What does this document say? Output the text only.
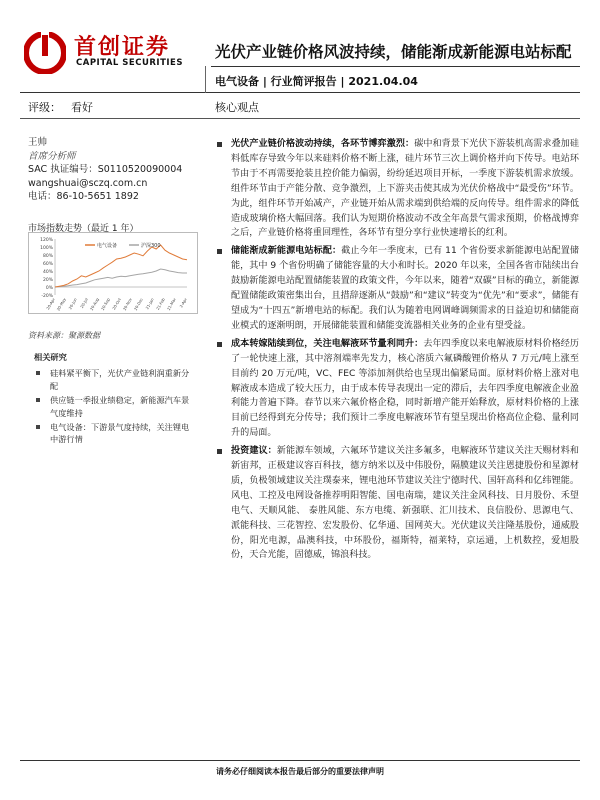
首创证券
CAPITAL SECURITIES
光伏产业链价格风波持续，储能渐成新能源电站标配
电气设备 | 行业简评报告 | 2021.04.04
评级： 看好	核心观点
王帅
首席分析师
SAC 执证编号：S0110520090004
wangshuai@sczq.com.cn
电话：86-10-5651 1892
市场指数走势（最近 1 年）
120%
100%
80%
60%
40%
20%
0%
-20%
20-Apr 20-May 20-Jun 20-Jul 20-Aug 20-Sep 20-Oct 20-Nov 20-Dec 21-Jan 21-Feb 21-Mar 2-Apr
电气设备	沪深300
资料来源：聚源数据
相关研究
硅料紧平衡下，光伏产业链利润重新分配
供应链一季报业绩稳定，新能源汽车景气度维持
电气设备：下游景气度持续，关注锂电中游行情

光伏产业链价格波动持续，各环节博弈激烈：碳中和背景下光伏下游装机高需求叠加硅料低库存导致今年以来硅料价格不断上涨，硅片环节三次上调价格并向下传导。电站环节由于不再需要抢装且控价能力偏弱，纷纷延迟项目开标，一季度下游装机需求放缓。组件环节由于产能分散、竞争激烈，上下游夹击使其成为光伏价格战中“最受伤”环节。为此，组件环节开始减产，产业链开始从需求端到供给端的反向传导。组件需求的降低造成玻璃价格大幅回落。我们认为短期价格波动不改全年高景气需求预期，价格战博弈之后，产业链价格将重回理性，各环节有望分享行业快速增长的红利。

储能渐成新能源电站标配：截止今年一季度末，已有 11 个省份要求新能源电站配置储能，其中 9 个省份明确了储能容量的大小和时长。2020 年以来，全国各省市陆续出台鼓励新能源电站配置储能装置的政策文件，今年以来，随着“双碳”目标的确立，新能源配置储能政策密集出台，且措辞逐渐从“鼓励”和“建议”转变为“优先”和“要求”，储能有望成为“十四五”新增电站的标配。我们认为随着电网调峰调频需求的日益迫切和储能商业模式的逐渐明朗，开展储能装置和储能变流器相关业务的企业有望受益。

成本转嫁陆续到位，关注电解液环节量利同升：去年四季度以来电解液原材料价格经历了一轮快速上涨，其中溶剂端率先发力，核心溶质六氟磷酸锂价格从 7 万元/吨上涨至目前约 20 万元/吨，VC、FEC 等添加剂供给也呈现出偏紧局面。原材料价格上涨对电解液成本造成了较大压力，由于成本传导表现出一定的滞后，去年四季度电解液企业盈利能力普遍下降。春节以来六氟价格企稳，同时新增产能开始释放，原材料价格的上涨目前已经得到充分传导；我们预计二季度电解液环节有望呈现出价格高位企稳、量利同升的局面。

投资建议：新能源车领域，六氟环节建议关注多氟多，电解液环节建议关注天赐材料和新宙邦，正极建议容百科技，德方纳米以及中伟股份，隔膜建议关注恩捷股份和星源材质，负极领域建议关注璞泰来，锂电池环节建议关注宁德时代、国轩高科和亿纬锂能。风电、工控及电网设备推荐明阳智能、国电南瑞，建议关注金风科技、日月股份、禾望电气、天顺风能、 泰胜风能、东方电缆、新强联、汇川技术、良信股份、思源电气、派能科技、三花智控、宏发股份、亿华通、国网英大。光伏建议关注隆基股份，通威股份，阳光电源，晶澳科技，中环股份，福斯特，福莱特，京运通，上机数控，爱旭股份，天合光能，固德威，锦浪科技。

请务必仔细阅读本报告最后部分的重要法律声明
